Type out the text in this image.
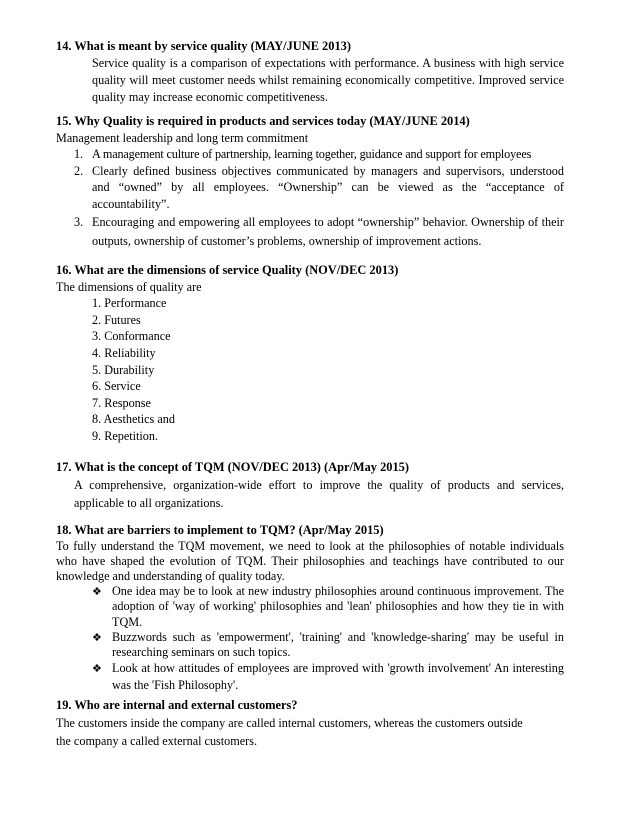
14. What is meant by service quality (MAY/JUNE 2013)

Service quality is a comparison of expectations with performance. A business with high service quality will meet customer needs whilst remaining economically competitive. Improved service quality may increase economic competitiveness.

15. Why Quality is required in products and services today (MAY/JUNE 2014)

Management leadership and long term commitment

1. A management culture of partnership, learning together, guidance and support for employees
2. Clearly defined business objectives communicated by managers and supervisors, understood and “owned” by all employees. “Ownership” can be viewed as the “acceptance of accountability”.
3. Encouraging and empowering all employees to adopt “ownership” behavior. Ownership of their outputs, ownership of customer’s problems, ownership of improvement actions.
16. What are the dimensions of service Quality (NOV/DEC 2013)

The dimensions of quality are

1. Performance
2. Futures
3. Conformance
4. Reliability
5. Durability
6. Service
7. Response
8. Aesthetics and
9. Repetition.
17. What is the concept of TQM (NOV/DEC 2013) (Apr/May 2015)

A comprehensive, organization-wide effort to improve the quality of products and services, applicable to all organizations.

18. What are barriers to implement to TQM? (Apr/May 2015)

To fully understand the TQM movement, we need to look at the philosophies of notable individuals who have shaped the evolution of TQM. Their philosophies and teachings have contributed to our knowledge and understanding of quality today.

❖ One idea may be to look at new industry philosophies around continuous improvement. The adoption of 'way of working' philosophies and 'lean' philosophies and how they tie in with TQM.
❖ Buzzwords such as 'empowerment', 'training' and 'knowledge-sharing' may be useful in researching seminars on such topics.
❖ Look at how attitudes of employees are improved with 'growth involvement' An interesting was the 'Fish Philosophy'.
19. Who are internal and external customers?

The customers inside the company are called internal customers, whereas the customers outside

the company a called external customers.
